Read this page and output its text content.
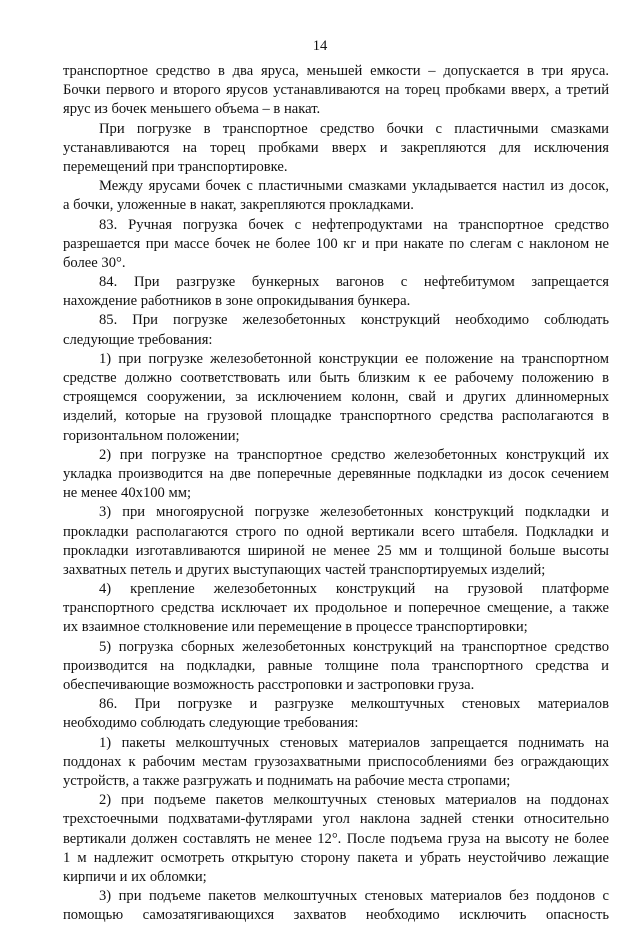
14
транспортное средство в два яруса, меньшей емкости – допускается в три яруса.
Бочки первого и второго ярусов устанавливаются на торец пробками вверх, а третий
ярус из бочек меньшего объема – в накат.
При погрузке в транспортное средство бочки с пластичными смазками
устанавливаются на торец пробками вверх и закрепляются для исключения
перемещений при транспортировке.
Между ярусами бочек с пластичными смазками укладывается настил из досок,
а бочки, уложенные в накат, закрепляются прокладками.
83. Ручная погрузка бочек с нефтепродуктами на транспортное средство
разрешается при массе бочек не более 100 кг и при накате по слегам с наклоном не
более 30°.
84. При разгрузке бункерных вагонов с нефтебитумом запрещается
нахождение работников в зоне опрокидывания бункера.
85. При погрузке железобетонных конструкций необходимо соблюдать
следующие требования:
1) при погрузке железобетонной конструкции ее положение на транспортном
средстве должно соответствовать или быть близким к ее рабочему положению в
строящемся сооружении, за исключением колонн, свай и других длинномерных
изделий, которые на грузовой площадке транспортного средства располагаются в
горизонтальном положении;
2) при погрузке на транспортное средство железобетонных конструкций их
укладка производится на две поперечные деревянные подкладки из досок сечением
не менее 40x100 мм;
3) при многоярусной погрузке железобетонных конструкций подкладки и
прокладки располагаются строго по одной вертикали всего штабеля. Подкладки и
прокладки изготавливаются шириной не менее 25 мм и толщиной больше высоты
захватных петель и других выступающих частей транспортируемых изделий;
4) крепление железобетонных конструкций на грузовой платформе
транспортного средства исключает их продольное и поперечное смещение, а также
их взаимное столкновение или перемещение в процессе транспортировки;
5) погрузка сборных железобетонных конструкций на транспортное средство
производится на подкладки, равные толщине пола транспортного средства и
обеспечивающие возможность расстроповки и застроповки груза.
86. При погрузке и разгрузке мелкоштучных стеновых материалов
необходимо соблюдать следующие требования:
1) пакеты мелкоштучных стеновых материалов запрещается поднимать на
поддонах к рабочим местам грузозахватными приспособлениями без ограждающих
устройств, а также разгружать и поднимать на рабочие места стропами;
2) при подъеме пакетов мелкоштучных стеновых материалов на поддонах
трехстоечными подхватами-футлярами угол наклона задней стенки относительно
вертикали должен составлять не менее 12°. После подъема груза на высоту не более
1 м надлежит осмотреть открытую сторону пакета и убрать неустойчиво лежащие
кирпичи и их обломки;
3) при подъеме пакетов мелкоштучных стеновых материалов без поддонов с
помощью самозатягивающихся захватов необходимо исключить опасность
